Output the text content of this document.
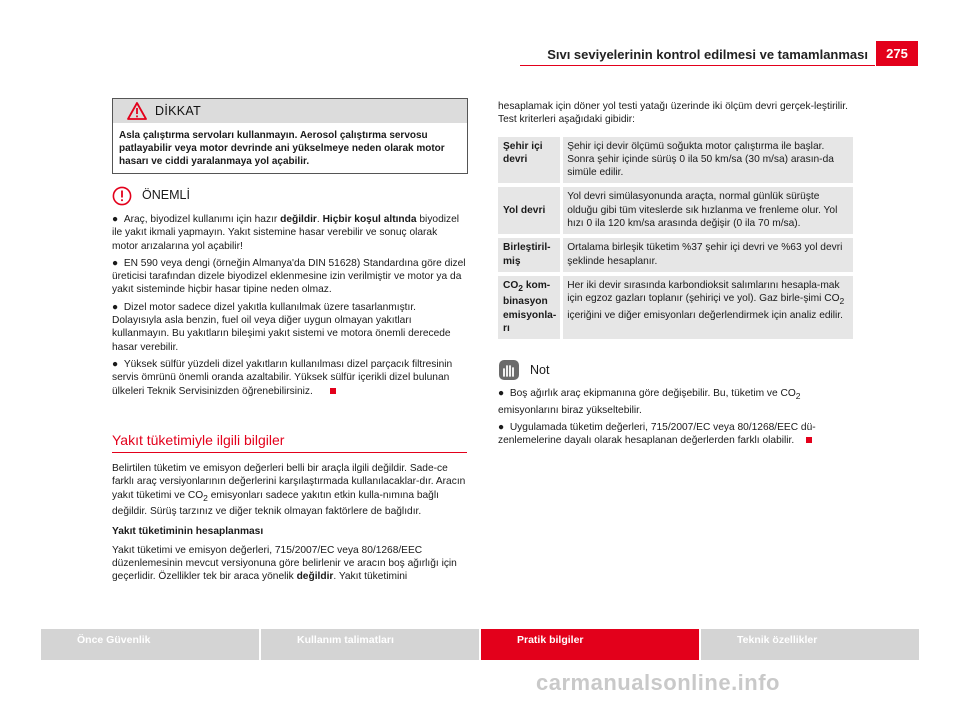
Sıvı seviyelerinin kontrol edilmesi ve tamamlanması	275
DİKKAT
Asla çalıştırma servoları kullanmayın. Aerosol çalıştırma servosu patlayabilir veya motor devrinde ani yükselmeye neden olarak motor hasarı ve ciddi yaralanmaya yol açabilir.
ÖNEMLİ

●  Araç, biyodizel kullanımı için hazır değildir. Hiçbir koşul altında biyodizel ile yakıt ikmali yapmayın. Yakıt sistemine hasar verebilir ve sonuç olarak motor arızalarına yol açabilir!

●  EN 590 veya dengi (örneğin Almanya'da DIN 51628) Standardına göre dizel üreticisi tarafından dizele biyodizel eklenmesine izin verilmiştir ve motor ya da yakıt sisteminde hiçbir hasar tipine neden olmaz.

●  Dizel motor sadece dizel yakıtla kullanılmak üzere tasarlanmıştır. Dolayısıyla asla benzin, fuel oil veya diğer uygun olmayan yakıtları kullanmayın. Bu yakıtların bileşimi yakıt sistemi ve motora önemli derecede hasar verebilir.

●  Yüksek sülfür yüzdeli dizel yakıtların kullanılması dizel parçacık filtresinin servis ömrünü önemli oranda azaltabilir. Yüksek sülfür içerikli dizel bulunan ülkeleri Teknik Servisinizden öğrenebilirsiniz.

Yakıt tüketimiyle ilgili bilgiler

Belirtilen tüketim ve emisyon değerleri belli bir araçla ilgili değildir. Sade-ce farklı araç versiyonlarının değerlerini karşılaştırmada kullanılacaklar-dır. Aracın yakıt tüketimi ve $CO_2$ emisyonları sadece yakıtın etkin kulla-nımına bağlı değildir. Sürüş tarzınız ve diğer teknik olmayan faktörlere de bağlıdır.

Yakıt tüketiminin hesaplanması

Yakıt tüketimi ve emisyon değerleri, 715/2007/EC veya 80/1268/EEC düzenlemesinin mevcut versiyonuna göre belirlenir ve aracın boş ağırlığı için geçerlidir. Özellikler tek bir araca yönelik değildir. Yakıt tüketimini

hesaplamak için döner yol testi yatağı üzerinde iki ölçüm devri gerçek-leştirilir. Test kriterleri aşağıdaki gibidir:

Şehir içi devri	Şehir içi devir ölçümü soğukta motor çalıştırma ile başlar. Sonra şehir içinde sürüş 0 ila 50 km/sa (30 m/sa) arasın-da simüle edilir.
Yol devri	Yol devri simülasyonunda araçta, normal günlük sürüşte olduğu gibi tüm viteslerde sık hızlanma ve frenleme olur. Yol hızı 0 ila 120 km/sa arasında değişir (0 ila 70 m/sa).
Birleştiril-miş	Ortalama birleşik tüketim %37 şehir içi devri ve %63 yol devri şeklinde hesaplanır.
$CO_2$ kom-binasyon emisyonla-rı	Her iki devir sırasında karbondioksit salımlarını hesapla-mak için egzoz gazları toplanır (şehiriçi ve yol). Gaz birle-şimi $CO_2$ içeriğini ve diğer emisyonları değerlendirmek için analiz edilir.
Not

●  Boş ağırlık araç ekipmanına göre değişebilir. Bu, tüketim ve $CO_2$ emisyonlarını biraz yükseltebilir.

●  Uygulamada tüketim değerleri, 715/2007/EC veya 80/1268/EEC dü-zenlemelerine dayalı olarak hesaplanan değerlerden farklı olabilir.

Önce Güvenlik	Kullanım talimatları	Pratik bilgiler	Teknik özellikler
carmanualsonline.info
